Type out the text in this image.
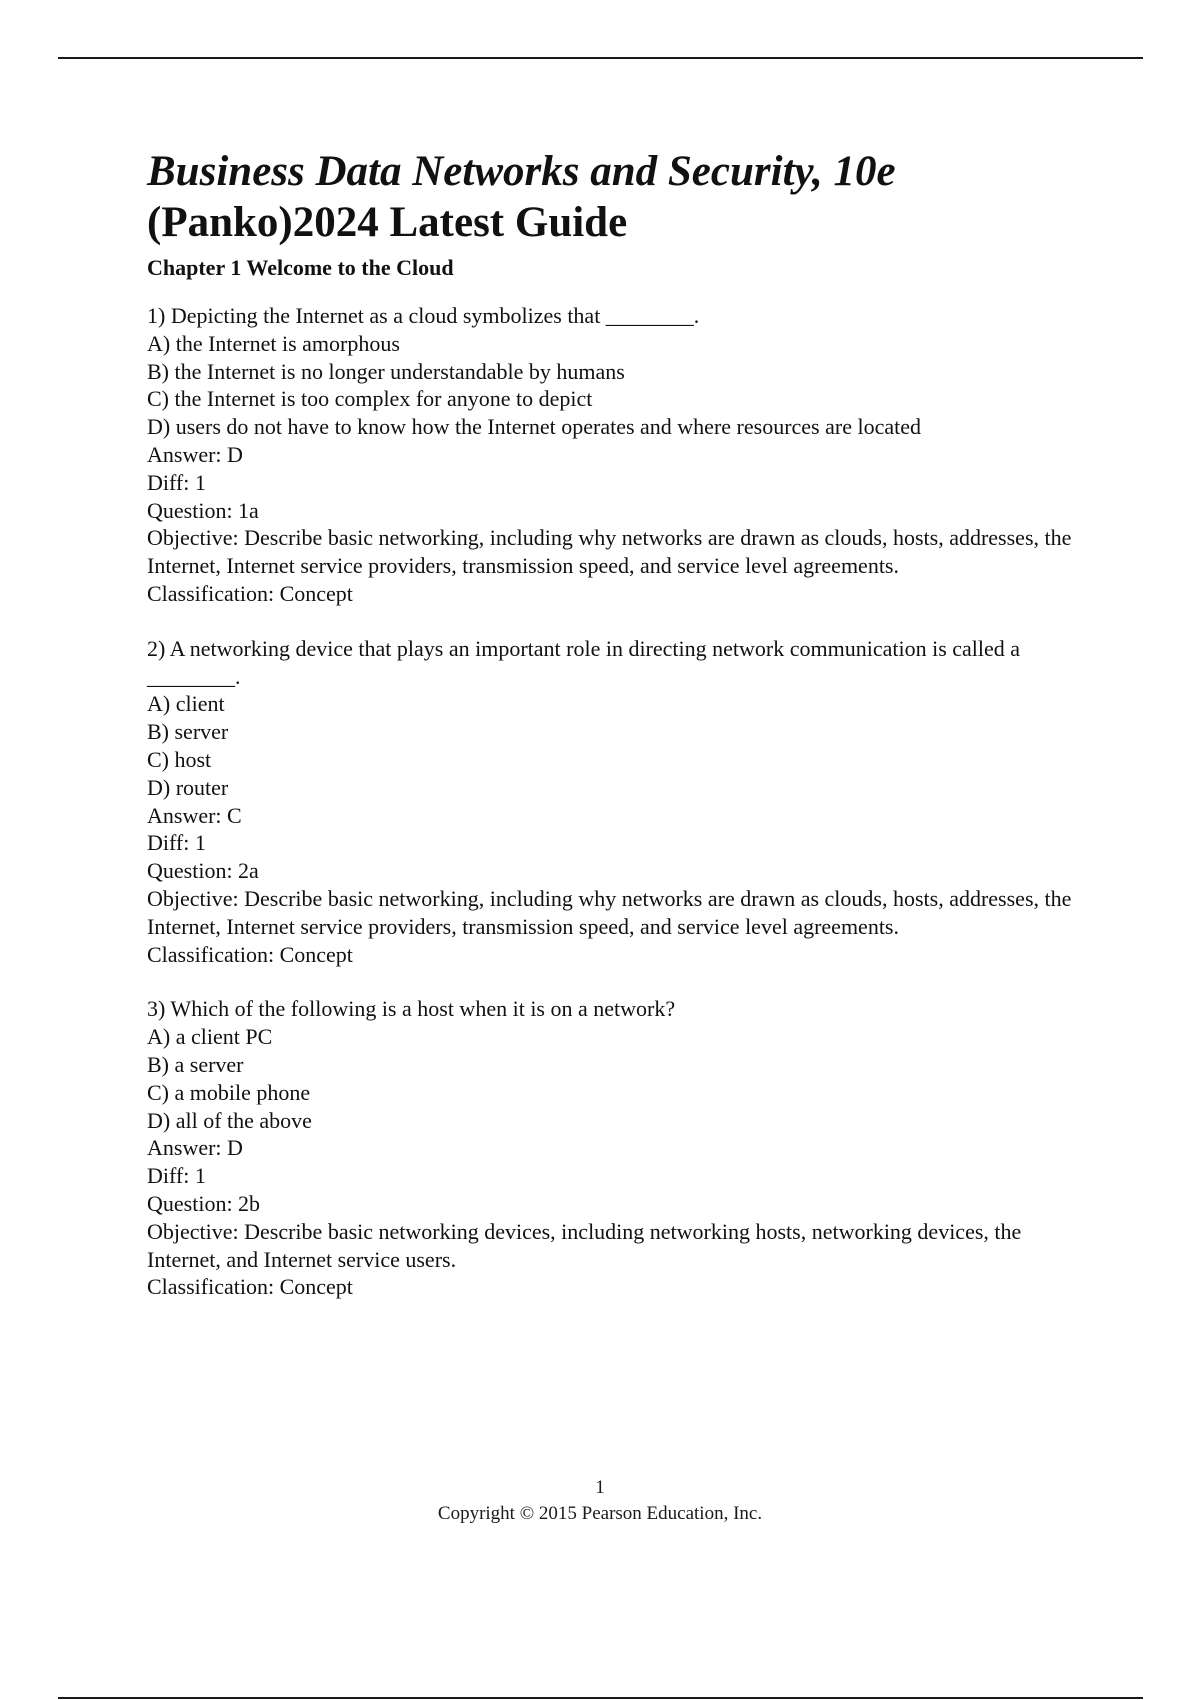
Business Data Networks and Security, 10e
(Panko)2024 Latest Guide
Chapter 1 Welcome to the Cloud
1) Depicting the Internet as a cloud symbolizes that ________.
A) the Internet is amorphous
B) the Internet is no longer understandable by humans
C) the Internet is too complex for anyone to depict
D) users do not have to know how the Internet operates and where resources are located
Answer: D
Diff: 1
Question: 1a
Objective: Describe basic networking, including why networks are drawn as clouds, hosts, addresses, the Internet, Internet service providers, transmission speed, and service level agreements.
Classification: Concept
2) A networking device that plays an important role in directing network communication is called a ________.
A) client
B) server
C) host
D) router
Answer: C
Diff: 1
Question: 2a
Objective: Describe basic networking, including why networks are drawn as clouds, hosts, addresses, the Internet, Internet service providers, transmission speed, and service level agreements.
Classification: Concept
3) Which of the following is a host when it is on a network?
A) a client PC
B) a server
C) a mobile phone
D) all of the above
Answer: D
Diff: 1
Question: 2b
Objective: Describe basic networking devices, including networking hosts, networking devices, the Internet, and Internet service users.
Classification: Concept
1
Copyright © 2015 Pearson Education, Inc.
